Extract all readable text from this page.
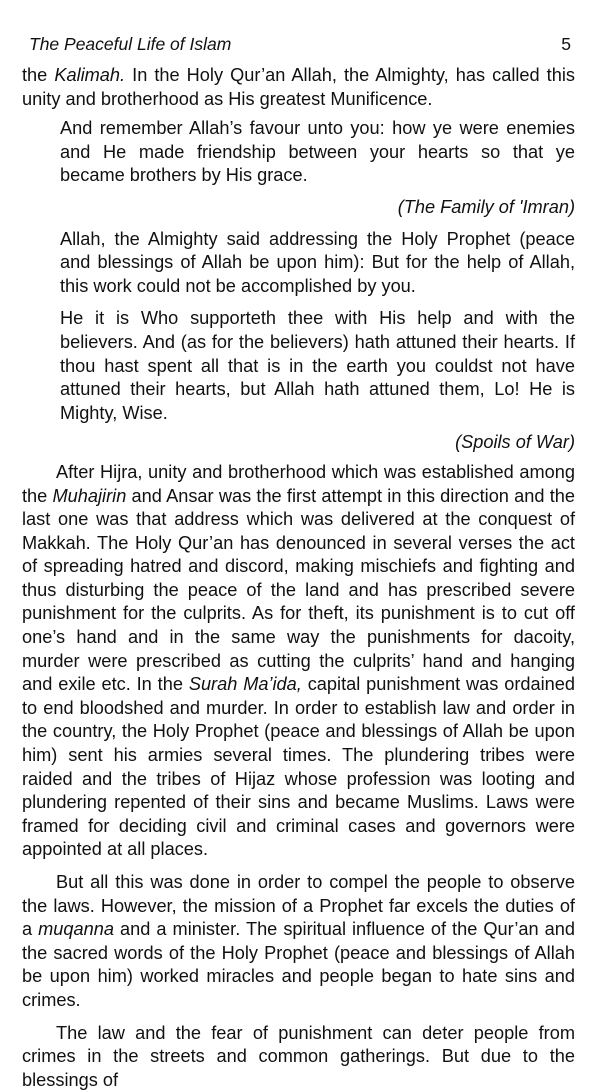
The Peaceful Life of Islam	5

the Kalimah. In the Holy Qur’an Allah, the Almighty, has called this unity and brotherhood as His greatest Munificence.

And remember Allah’s favour unto you: how ye were enemies and He made friendship between your hearts so that ye became brothers by His grace.

(The Family of 'Imran)

Allah, the Almighty said addressing the Holy Prophet (peace and blessings of Allah be upon him): But for the help of Allah, this work could not be accomplished by you.

He it is Who supporteth thee with His help and with the believers. And (as for the believers) hath attuned their hearts. If thou hast spent all that is in the earth you couldst not have attuned their hearts, but Allah hath attuned them, Lo! He is Mighty, Wise.

(Spoils of War)

After Hijra, unity and brotherhood which was established among the Muhajirin and Ansar was the first attempt in this direction and the last one was that address which was delivered at the conquest of Makkah. The Holy Qur’an has denounced in several verses the act of spreading hatred and discord, making mischiefs and fighting and thus disturbing the peace of the land and has prescribed severe punishment for the culprits. As for theft, its punishment is to cut off one’s hand and in the same way the punishments for dacoity, murder were prescribed as cutting the culprits’ hand and hanging and exile etc. In the Surah Ma’ida, capital punishment was ordained to end bloodshed and murder. In order to establish law and order in the country, the Holy Prophet (peace and blessings of Allah be upon him) sent his armies several times. The plundering tribes were raided and the tribes of Hijaz whose profession was looting and plundering repented of their sins and became Muslims. Laws were framed for deciding civil and criminal cases and governors were appointed at all places.

But all this was done in order to compel the people to observe the laws. However, the mission of a Prophet far excels the duties of a muqanna and a minister. The spiritual influence of the Qur’an and the sacred words of the Holy Prophet (peace and blessings of Allah be upon him) worked miracles and people began to hate sins and crimes.

The law and the fear of punishment can deter people from crimes in the streets and common gatherings. But due to the blessings of
